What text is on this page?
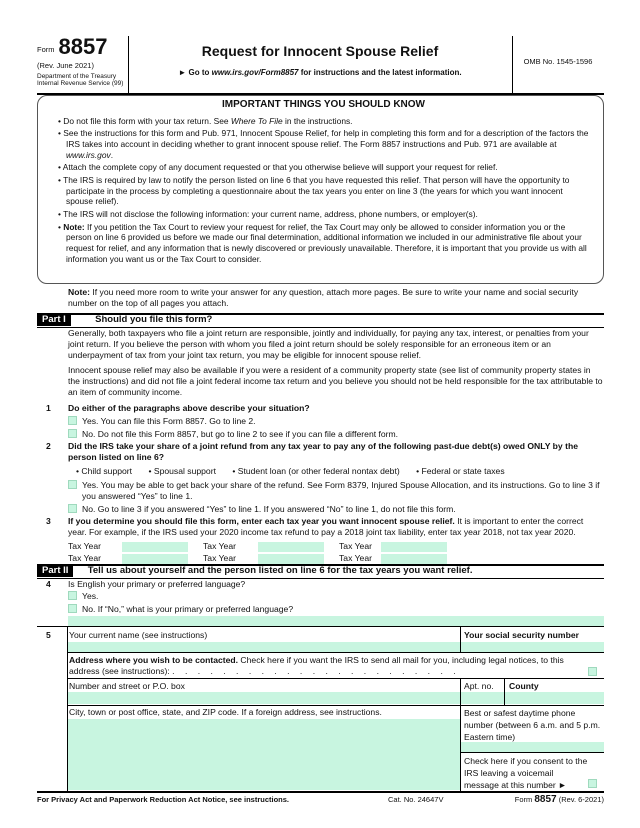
Form 8857
(Rev. June 2021)
Department of the Treasury
Internal Revenue Service (99)
Request for Innocent Spouse Relief
► Go to www.irs.gov/Form8857 for instructions and the latest information.
OMB No. 1545-1596
IMPORTANT THINGS YOU SHOULD KNOW
• Do not file this form with your tax return. See Where To File in the instructions.
• See the instructions for this form and Pub. 971, Innocent Spouse Relief, for help in completing this form and for a description of the factors the IRS takes into account in deciding whether to grant innocent spouse relief. The Form 8857 instructions and Pub. 971 are available at www.irs.gov.
• Attach the complete copy of any document requested or that you otherwise believe will support your request for relief.
• The IRS is required by law to notify the person listed on line 6 that you have requested this relief. That person will have the opportunity to participate in the process by completing a questionnaire about the tax years you enter on line 3 (the years for which you want innocent spouse relief).
• The IRS will not disclose the following information: your current name, address, phone numbers, or employer(s).
• Note: If you petition the Tax Court to review your request for relief, the Tax Court may only be allowed to consider information you or the person on line 6 provided us before we made our final determination, additional information we included in our administrative file about your request for relief, and any information that is newly discovered or previously unavailable. Therefore, it is important that you provide us with all information you want us or the Tax Court to consider.
Note: If you need more room to write your answer for any question, attach more pages. Be sure to write your name and social security number on the top of all pages you attach.
Part I	Should you file this form?
Generally, both taxpayers who file a joint return are responsible, jointly and individually, for paying any tax, interest, or penalties from your joint return. If you believe the person with whom you filed a joint return should be solely responsible for an erroneous item or an underpayment of tax from your joint tax return, you may be eligible for innocent spouse relief.
Innocent spouse relief may also be available if you were a resident of a community property state (see list of community property states in the instructions) and did not file a joint federal income tax return and you believe you should not be held responsible for the tax attributable to an item of community income.
1 Do either of the paragraphs above describe your situation?
Yes. You can file this Form 8857. Go to line 2.
No. Do not file this Form 8857, but go to line 2 to see if you can file a different form.
2 Did the IRS take your share of a joint refund from any tax year to pay any of the following past-due debt(s) owed ONLY by the person listed on line 6?
• Child support • Spousal support • Student loan (or other federal nontax debt) • Federal or state taxes
Yes. You may be able to get back your share of the refund. See Form 8379, Injured Spouse Allocation, and its instructions. Go to line 3 if you answered “Yes” to line 1.
No. Go to line 3 if you answered “Yes” to line 1. If you answered “No” to line 1, do not file this form.
3 If you determine you should file this form, enter each tax year you want innocent spouse relief. It is important to enter the correct year. For example, if the IRS used your 2020 income tax refund to pay a 2018 joint tax liability, enter tax year 2018, not tax year 2020.
Tax Year	Tax Year	Tax Year
Tax Year	Tax Year	Tax Year
Part II Tell us about yourself and the person listed on line 6 for the tax years you want relief.
4 Is English your primary or preferred language?
Yes.
No. If “No,” what is your primary or preferred language?
5 Your current name (see instructions)	Your social security number
Address where you wish to be contacted. Check here if you want the IRS to send all mail for you, including legal notices, to this address (see instructions): . . . . . . . . . . . . . . . . . . . . . . .
Number and street or P.O. box	Apt. no. County
City, town or post office, state, and ZIP code. If a foreign address, see instructions.	Best or safest daytime phone number (between 6 a.m. and 5 p.m. Eastern time)
Check here if you consent to the IRS leaving a voicemail message at this number ►
For Privacy Act and Paperwork Reduction Act Notice, see instructions.	Cat. No. 24647V	Form 8857 (Rev. 6-2021)
